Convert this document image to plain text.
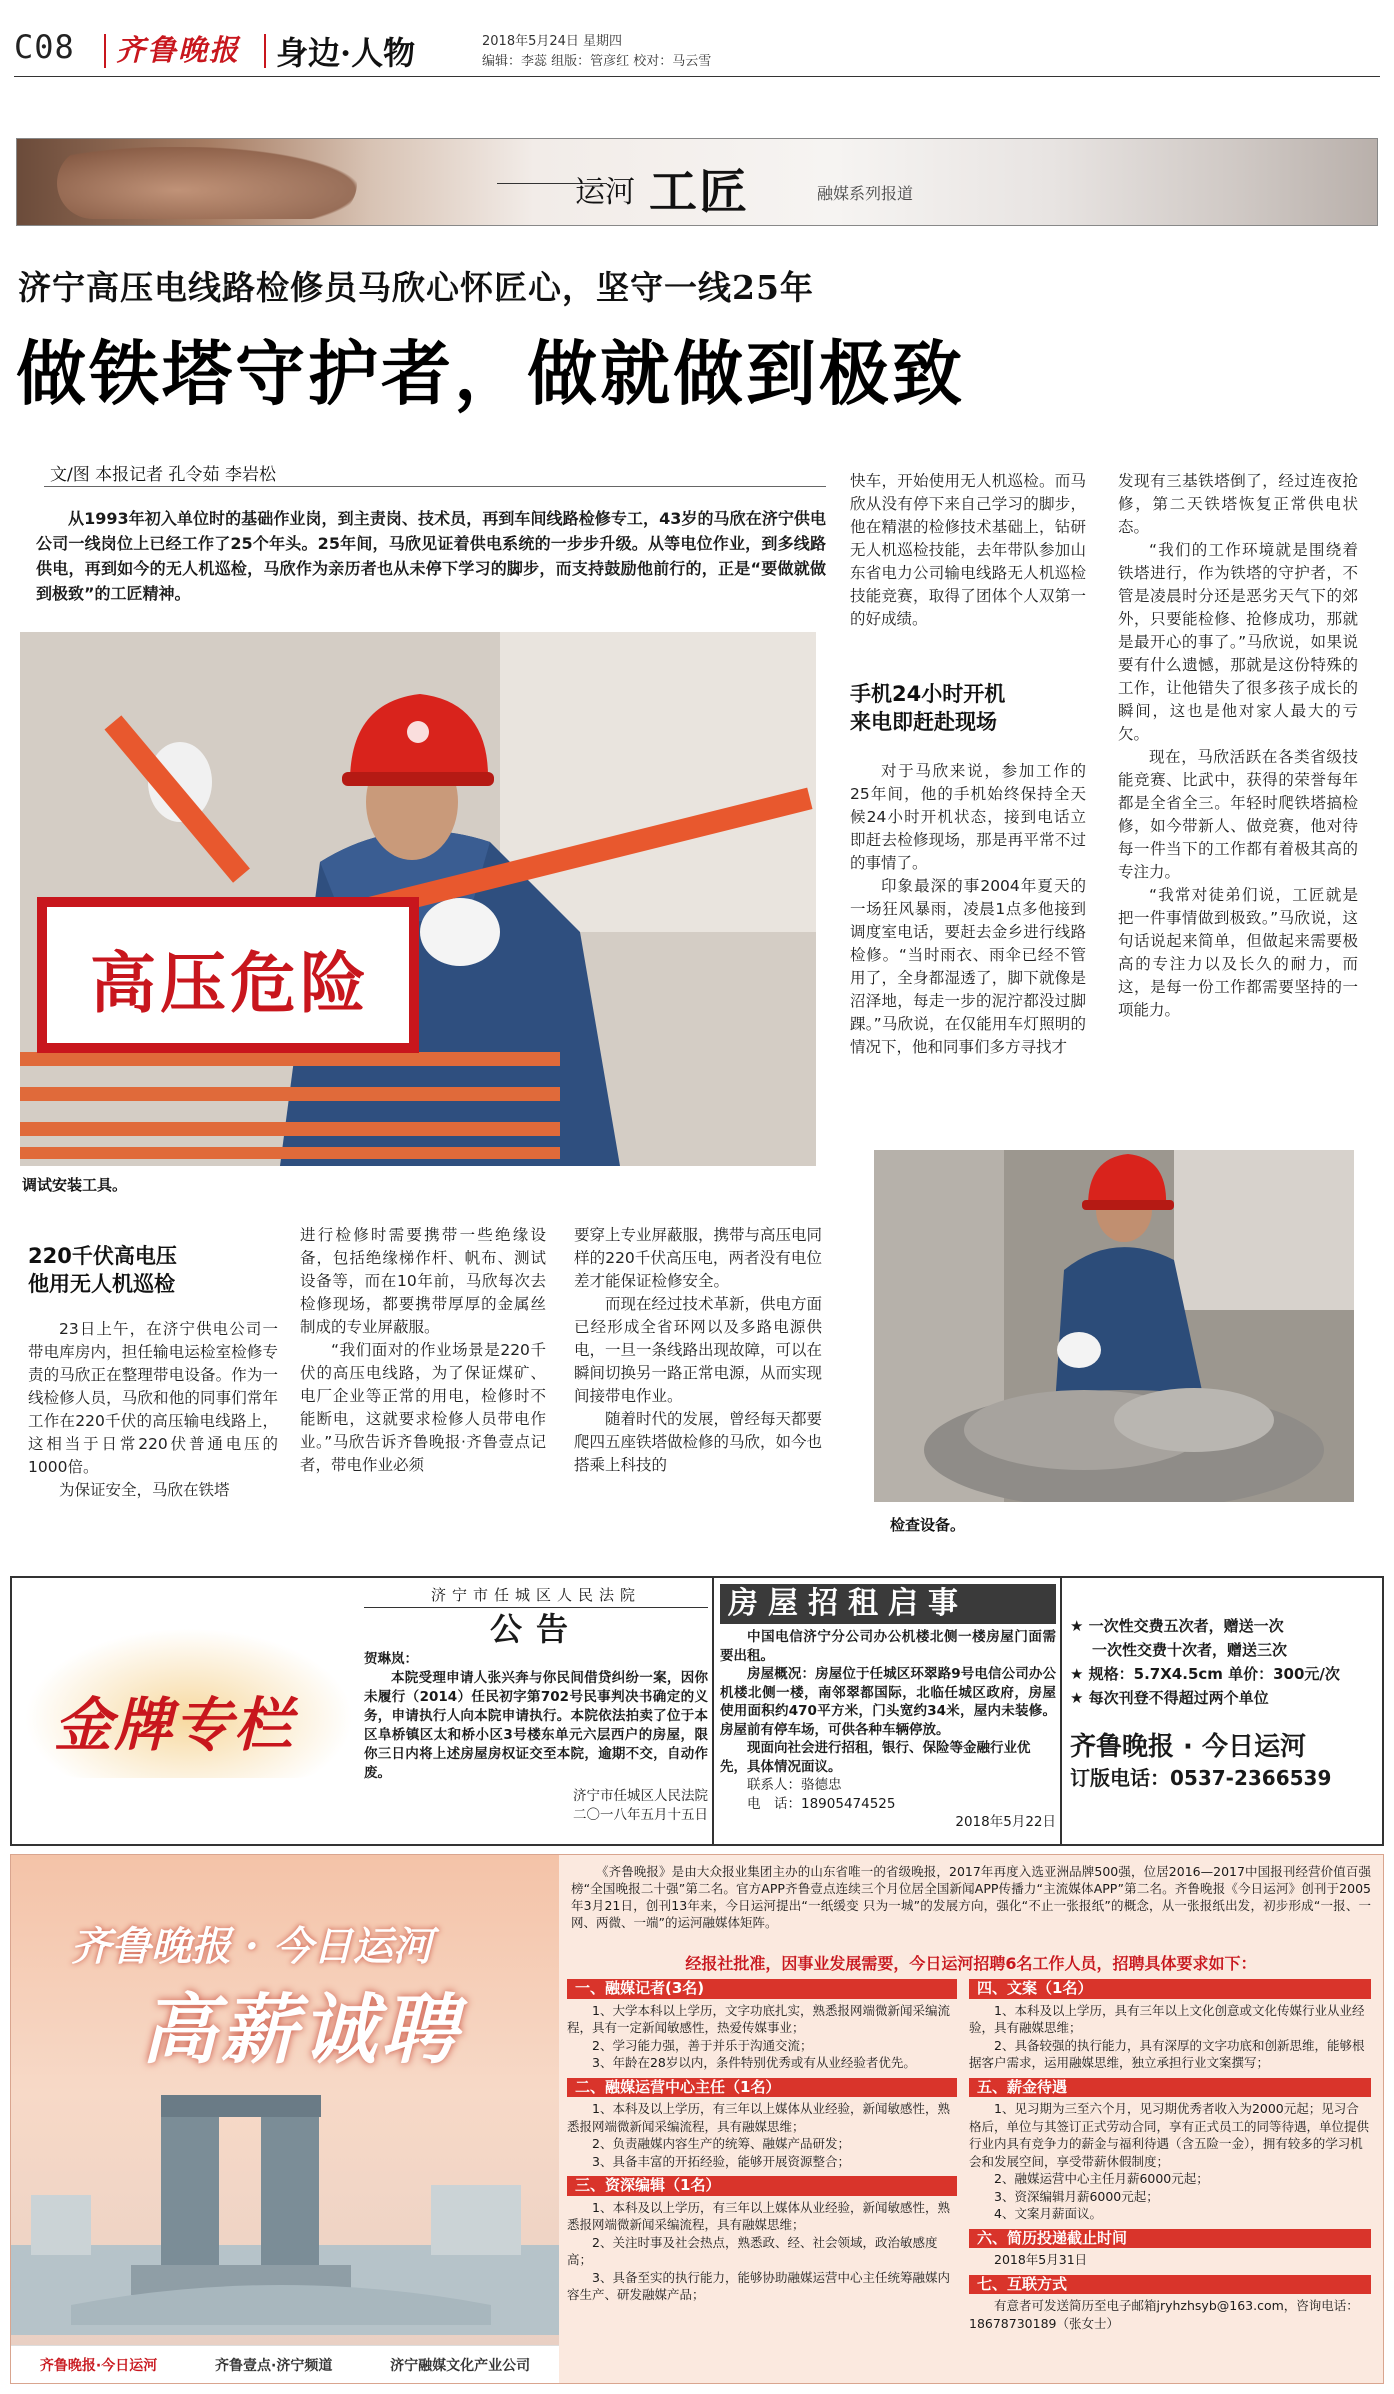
C08 齐鲁晚报 身边·人物	2018年5月24日 星期四
编辑：李蕊 组版：管彦红 校对：马云雪
运河 工匠	融媒系列报道
济宁高压电线路检修员马欣心怀匠心，坚守一线25年
做铁塔守护者，做就做到极致
文/图 本报记者 孔令茹 李岩松

从1993年初入单位时的基础作业岗，到主责岗、技术员，再到车间线路检修专工，43岁的马欣在济宁供电公司一线岗位上已经工作了25个年头。25年间，马欣见证着供电系统的一步步升级。从等电位作业，到多线路供电，再到如今的无人机巡检，马欣作为亲历者也从未停下学习的脚步，而支持鼓励他前行的，正是“要做就做到极致”的工匠精神。

高压危险
调试安装工具。
检查设备。

快车，开始使用无人机巡检。而马欣从没有停下来自己学习的脚步，他在精湛的检修技术基础上，钻研无人机巡检技能，去年带队参加山东省电力公司输电线路无人机巡检技能竞赛，取得了团体个人双第一的好成绩。

手机24小时开机
来电即赶赴现场

对于马欣来说，参加工作的25年间，他的手机始终保持全天候24小时开机状态，接到电话立即赶去检修现场，那是再平常不过的事情了。

印象最深的事2004年夏天的一场狂风暴雨，凌晨1点多他接到调度室电话，要赶去金乡进行线路检修。“当时雨衣、雨伞已经不管用了，全身都湿透了，脚下就像是沼泽地，每走一步的泥泞都没过脚踝。”马欣说，在仅能用车灯照明的情况下，他和同事们多方寻找才

发现有三基铁塔倒了，经过连夜抢修，第二天铁塔恢复正常供电状态。

“我们的工作环境就是围绕着铁塔进行，作为铁塔的守护者，不管是凌晨时分还是恶劣天气下的郊外，只要能检修、抢修成功，那就是最开心的事了。”马欣说，如果说要有什么遗憾，那就是这份特殊的工作，让他错失了很多孩子成长的瞬间，这也是他对家人最大的亏欠。

现在，马欣活跃在各类省级技能竞赛、比武中，获得的荣誉每年都是全省全三。年轻时爬铁塔搞检修，如今带新人、做竞赛，他对待每一件当下的工作都有着极其高的专注力。

“我常对徒弟们说，工匠就是把一件事情做到极致。”马欣说，这句话说起来简单，但做起来需要极高的专注力以及长久的耐力，而这，是每一份工作都需要坚持的一项能力。

220千伏高电压
他用无人机巡检

23日上午，在济宁供电公司一带电库房内，担任输电运检室检修专责的马欣正在整理带电设备。作为一线检修人员，马欣和他的同事们常年工作在220千伏的高压输电线路上，这相当于日常220伏普通电压的1000倍。

为保证安全，马欣在铁塔

进行检修时需要携带一些绝缘设备，包括绝缘梯作杆、帆布、测试设备等，而在10年前，马欣每次去检修现场，都要携带厚厚的金属丝制成的专业屏蔽服。

“我们面对的作业场景是220千伏的高压电线路，为了保证煤矿、电厂企业等正常的用电，检修时不能断电，这就要求检修人员带电作业。”马欣告诉齐鲁晚报·齐鲁壹点记者，带电作业必须

要穿上专业屏蔽服，携带与高压电同样的220千伏高压电，两者没有电位差才能保证检修安全。

而现在经过技术革新，供电方面已经形成全省环网以及多路电源供电，一旦一条线路出现故障，可以在瞬间切换另一路正常电源，从而实现间接带电作业。

随着时代的发展，曾经每天都要爬四五座铁塔做检修的马欣，如今也搭乘上科技的

金牌专栏
济宁市任城区人民法院
公告
贺琳岚：
本院受理申请人张兴奔与你民间借贷纠纷一案，因你未履行（2014）任民初字第702号民事判决书确定的义务，申请执行人向本院申请执行。本院依法拍卖了位于本区阜桥镇区太和桥小区3号楼东单元六层西户的房屋，限你三日内将上述房屋房权证交至本院，逾期不交，自动作废。
济宁市任城区人民法院
二〇一八年五月十五日
房屋招租启事
中国电信济宁分公司办公机楼北侧一楼房屋门面需要出租。
房屋概况：房屋位于任城区环翠路9号电信公司办公机楼北侧一楼，南邻翠都国际，北临任城区政府，房屋使用面积约470平方米，门头宽约34米，屋内未装修。房屋前有停车场，可供各种车辆停放。
现面向社会进行招租，银行、保险等金融行业优先，具体情况面议。
联系人：骆德忠
电　话：18905474525
2018年5月22日
★ 一次性交费五次者，赠送一次
一次性交费十次者，赠送三次
★ 规格：5.7X4.5cm 单价：300元/次
★ 每次刊登不得超过两个单位
齐鲁晚报 · 今日运河
订版电话：0537-2366539
齐鲁晚报 · 今日运河
高薪诚聘
齐鲁晚报·今日运河	齐鲁壹点·济宁频道	济宁融媒文化产业公司
《齐鲁晚报》是由大众报业集团主办的山东省唯一的省级晚报，2017年再度入选亚洲品牌500强，位居2016—2017中国报刊经营价值百强榜“全国晚报二十强”第二名。官方APP齐鲁壹点连续三个月位居全国新闻APP传播力“主流媒体APP”第二名。齐鲁晚报《今日运河》创刊于2005年3月21日，创刊13年来，今日运河提出“一纸缓变 只为一城”的发展方向，强化“不止一张报纸”的概念，从一张报纸出发，初步形成“一报、一网、两微、一端”的运河融媒体矩阵。
经报社批准，因事业发展需要，今日运河招聘6名工作人员，招聘具体要求如下：
一、融媒记者(3名)
1、大学本科以上学历，文字功底扎实，熟悉报网端微新闻采编流程，具有一定新闻敏感性，热爱传媒事业；
2、学习能力强，善于并乐于沟通交流；
3、年龄在28岁以内，条件特别优秀或有从业经验者优先。
二、融媒运营中心主任（1名）
1、本科及以上学历，有三年以上媒体从业经验，新闻敏感性，熟悉报网端微新闻采编流程，具有融媒思维；
2、负责融媒内容生产的统筹、融媒产品研发；
3、具备丰富的开拓经验，能够开展资源整合；
三、资深编辑（1名）
1、本科及以上学历，有三年以上媒体从业经验，新闻敏感性，熟悉报网端微新闻采编流程，具有融媒思维；
2、关注时事及社会热点，熟悉政、经、社会领域，政治敏感度高；
3、具备至实的执行能力，能够协助融媒运营中心主任统筹融媒内容生产、研发融媒产品；
四、文案（1名）
1、本科及以上学历，具有三年以上文化创意或文化传媒行业从业经验，具有融媒思维；
2、具备较强的执行能力，具有深厚的文字功底和创新思维，能够根据客户需求，运用融媒思维，独立承担行业文案撰写；
五、薪金待遇
1、见习期为三至六个月，见习期优秀者收入为2000元起；见习合格后，单位与其签订正式劳动合同，享有正式员工的同等待遇，单位提供行业内具有竞争力的薪金与福利待遇（含五险一金），拥有较多的学习机会和发展空间，享受带薪休假制度；
2、融媒运营中心主任月薪6000元起；
3、资深编辑月薪6000元起；
4、文案月薪面议。
六、简历投递截止时间
2018年5月31日
七、互联方式
有意者可发送简历至电子邮箱jryhzhsyb@163.com，咨询电话：18678730189（张女士）
